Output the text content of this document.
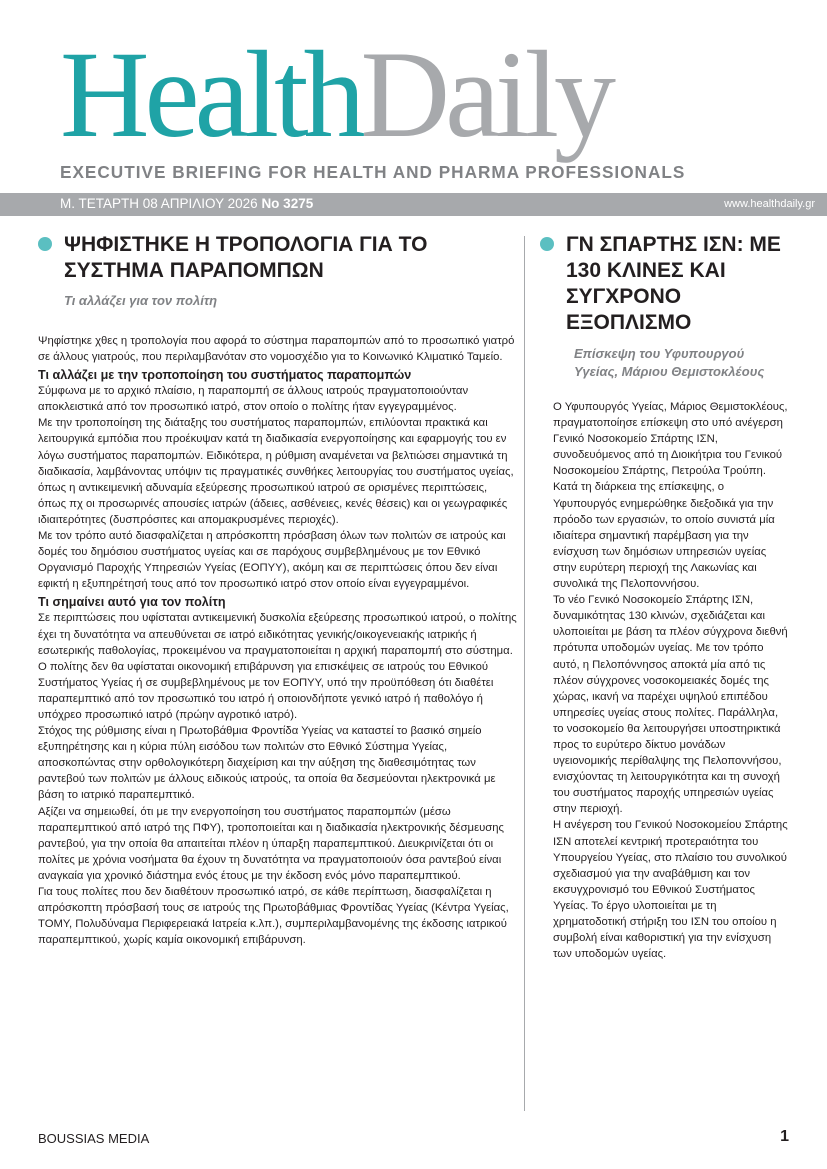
HealthDaily
EXECUTIVE BRIEFING FOR HEALTH AND PHARMA PROFESSIONALS
Μ. ΤΕΤΑΡΤΗ 08 ΑΠΡΙΛΙΟΥ 2026 No 3275	www.healthdaily.gr
ΨΗΦΙΣΤΗΚΕ Η ΤΡΟΠΟΛΟΓΙΑ ΓΙΑ ΤΟ ΣΥΣΤΗΜΑ ΠΑΡΑΠΟΜΠΩΝ
Τι αλλάζει για τον πολίτη

Ψηφίστηκε χθες η τροπολογία που αφορά το σύστημα παραπομπών από το προσωπικό γιατρό σε άλλους γιατρούς, που περιλαμβανόταν στο νομοσχέδιο για το Κοινωνικό Κλιματικό Ταμείο.

Τι αλλάζει με την τροποποίηση του συστήματος παραπομπών

Σύμφωνα με το αρχικό πλαίσιο, η παραπομπή σε άλλους ιατρούς πραγματοποιούνταν αποκλειστικά από τον προσωπικό ιατρό, στον οποίο ο πολίτης ήταν εγγεγραμμένος.

Με την τροποποίηση της διάταξης του συστήματος παραπομπών, επιλύονται πρακτικά και λειτουργικά εμπόδια που προέκυψαν κατά τη διαδικασία ενεργοποίησης και εφαρμογής του εν λόγω συστήματος παραπομπών. Ειδικότερα, η ρύθμιση αναμένεται να βελτιώσει σημαντικά τη διαδικασία, λαμβάνοντας υπόψιν τις πραγματικές συνθήκες λειτουργίας του συστήματος υγείας, όπως η αντικειμενική αδυναμία εξεύρεσης προσωπικού ιατρού σε ορισμένες περιπτώσεις, όπως πχ οι προσωρινές απουσίες ιατρών (άδειες, ασθένειες, κενές θέσεις) και οι γεωγραφικές ιδιαιτερότητες (δυσπρόσιτες και απομακρυσμένες περιοχές).

Με τον τρόπο αυτό διασφαλίζεται η απρόσκοπτη πρόσβαση όλων των πολιτών σε ιατρούς και δομές του δημόσιου συστήματος υγείας και σε παρόχους συμβεβλημένους με τον Εθνικό Οργανισμό Παροχής Υπηρεσιών Υγείας (ΕΟΠΥΥ), ακόμη και σε περιπτώσεις όπου δεν είναι εφικτή η εξυπηρέτησή τους από τον προσωπικό ιατρό στον οποίο είναι εγγεγραμμένοι.

Τι σημαίνει αυτό για τον πολίτη

Σε περιπτώσεις που υφίσταται αντικειμενική δυσκολία εξεύρεσης προσωπικού ιατρού, ο πολίτης έχει τη δυνατότητα να απευθύνεται σε ιατρό ειδικότητας γενικής/οικογενειακής ιατρικής ή εσωτερικής παθολογίας, προκειμένου να πραγματοποιείται η αρχική παραπομπή στο σύστημα. Ο πολίτης δεν θα υφίσταται οικονομική επιβάρυνση για επισκέψεις σε ιατρούς του Εθνικού Συστήματος Υγείας ή σε συμβεβλημένους με τον ΕΟΠΥΥ, υπό την προϋπόθεση ότι διαθέτει παραπεμπτικό από τον προσωπικό του ιατρό ή οποιονδήποτε γενικό ιατρό ή παθολόγο ή υπόχρεο προσωπικό ιατρό (πρώην αγροτικό ιατρό).

Στόχος της ρύθμισης είναι η Πρωτοβάθμια Φροντίδα Υγείας να καταστεί το βασικό σημείο εξυπηρέτησης και η κύρια πύλη εισόδου των πολιτών στο Εθνικό Σύστημα Υγείας, αποσκοπώντας στην ορθολογικότερη διαχείριση και την αύξηση της διαθεσιμότητας των ραντεβού των πολιτών με άλλους ειδικούς ιατρούς, τα οποία θα δεσμεύονται ηλεκτρονικά με βάση το ιατρικό παραπεμπτικό.

Αξίζει να σημειωθεί, ότι με την ενεργοποίηση του συστήματος παραπομπών (μέσω παραπεμπτικού από ιατρό της ΠΦΥ), τροποποιείται και η διαδικασία ηλεκτρονικής δέσμευσης ραντεβού, για την οποία θα απαιτείται πλέον η ύπαρξη παραπεμπτικού. Διευκρινίζεται ότι οι πολίτες με χρόνια νοσήματα θα έχουν τη δυνατότητα να πραγματοποιούν όσα ραντεβού είναι αναγκαία για χρονικό διάστημα ενός έτους με την έκδοση ενός μόνο παραπεμπτικού.

Για τους πολίτες που δεν διαθέτουν προσωπικό ιατρό, σε κάθε περίπτωση, διασφαλίζεται η απρόσκοπτη πρόσβασή τους σε ιατρούς της Πρωτοβάθμιας Φροντίδας Υγείας (Κέντρα Υγείας, ΤΟΜΥ, Πολυδύναμα Περιφερειακά Ιατρεία κ.λπ.), συμπεριλαμβανομένης της έκδοσης ιατρικού παραπεμπτικού, χωρίς καμία οικονομική επιβάρυνση.

ΓΝ ΣΠΑΡΤΗΣ ΙΣΝ: ΜΕ 130 ΚΛΙΝΕΣ ΚΑΙ ΣΥΓΧΡΟΝΟ ΕΞΟΠΛΙΣΜΟ
Επίσκεψη του Υφυπουργού Υγείας, Μάριου Θεμιστοκλέους

Ο Υφυπουργός Υγείας, Μάριος Θεμιστοκλέους, πραγματοποίησε επίσκεψη στο υπό ανέγερση Γενικό Νοσοκομείο Σπάρτης ΙΣΝ, συνοδευόμενος από τη Διοικήτρια του Γενικού Νοσοκομείου Σπάρτης, Πετρούλα Τρούπη. Κατά τη διάρκεια της επίσκεψης, ο Υφυπουργός ενημερώθηκε διεξοδικά για την πρόοδο των εργασιών, το οποίο συνιστά μία ιδιαίτερα σημαντική παρέμβαση για την ενίσχυση των δημόσιων υπηρεσιών υγείας στην ευρύτερη περιοχή της Λακωνίας και συνολικά της Πελοποννήσου.

Το νέο Γενικό Νοσοκομείο Σπάρτης ΙΣΝ, δυναμικότητας 130 κλινών, σχεδιάζεται και υλοποιείται με βάση τα πλέον σύγχρονα διεθνή πρότυπα υποδομών υγείας. Με τον τρόπο αυτό, η Πελοπόννησος αποκτά μία από τις πλέον σύγχρονες νοσοκομειακές δομές της χώρας, ικανή να παρέχει υψηλού επιπέδου υπηρεσίες υγείας στους πολίτες. Παράλληλα, το νοσοκομείο θα λειτουργήσει υποστηρικτικά προς το ευρύτερο δίκτυο μονάδων υγειονομικής περίθαλψης της Πελοποννήσου, ενισχύοντας τη λειτουργικότητα και τη συνοχή του συστήματος παροχής υπηρεσιών υγείας στην περιοχή.

Η ανέγερση του Γενικού Νοσοκομείου Σπάρτης ΙΣΝ αποτελεί κεντρική προτεραιότητα του Υπουργείου Υγείας, στο πλαίσιο του συνολικού σχεδιασμού για την αναβάθμιση και τον εκσυγχρονισμό του Εθνικού Συστήματος Υγείας. Το έργο υλοποιείται με τη χρηματοδοτική στήριξη του ΙΣΝ του οποίου η συμβολή είναι καθοριστική για την ενίσχυση των υποδομών υγείας.

BOUSSIAS MEDIA	1
